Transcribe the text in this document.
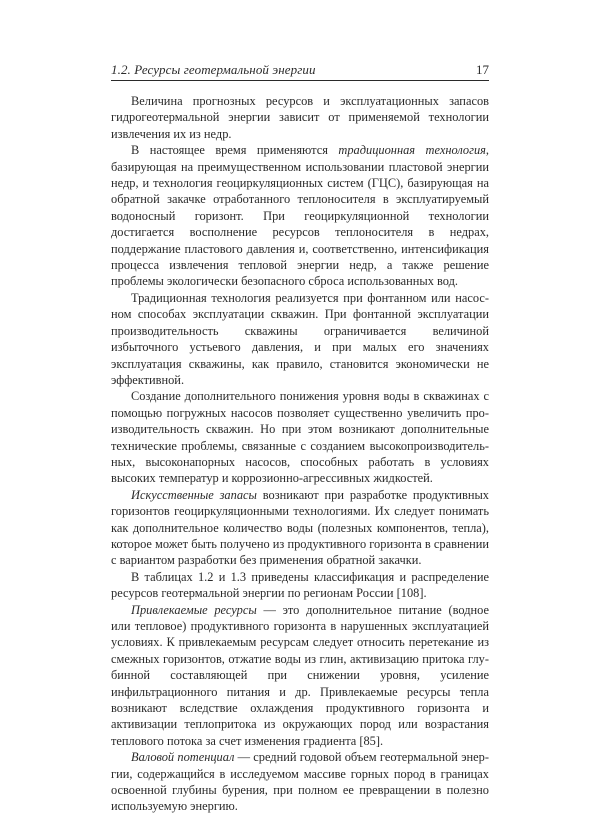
1.2. Ресурсы геотермальной энергии	17

Величина прогнозных ресурсов и эксплуатационных запасов гидрогеотермальной энергии зависит от применяемой технологии извлечения их из недр.

В настоящее время применяются традиционная технология, базирующая на преимущественном использовании пластовой энергии недр, и технология геоциркуляционных систем (ГЦС), базирующая на обратной закачке отработанного теплоносителя в эксплуатируемый водоносный горизонт. При геоциркуляционной технологии достигается восполнение ресурсов теплоносителя в недрах, поддержание пластового давления и, соответственно, интенсификация процесса извлечения тепловой энергии недр, а также решение проблемы экологически безопасного сброса использованных вод.

Традиционная технология реализуется при фонтанном или насосном способах эксплуатации скважин. При фонтанной эксплуатации производительность скважины ограничивается величиной избыточного устьевого давления, и при малых его значениях эксплуатация скважины, как правило, становится экономически не эффективной.

Создание дополнительного понижения уровня воды в скважинах с помощью погружных насосов позволяет существенно увеличить производительность скважин. Но при этом возникают дополнительные технические проблемы, связанные с созданием высокопроизводительных, высоконапорных насосов, способных работать в условиях высоких температур и коррозионно-агрессивных жидкостей.

Искусственные запасы возникают при разработке продуктивных горизонтов геоциркуляционными технологиями. Их следует понимать как дополнительное количество воды (полезных компонентов, тепла), которое может быть получено из продуктивного горизонта в сравнении с вариантом разработки без применения обратной закачки.

В таблицах 1.2 и 1.3 приведены классификация и распределение ресурсов геотермальной энергии по регионам России [108].

Привлекаемые ресурсы — это дополнительное питание (водное или тепловое) продуктивного горизонта в нарушенных эксплуатацией условиях. К привлекаемым ресурсам следует относить перетекание из смежных горизонтов, отжатие воды из глин, активизацию притока глубинной составляющей при снижении уровня, усиление инфильтрационного питания и др. Привлекаемые ресурсы тепла возникают вследствие охлаждения продуктивного горизонта и активизации теплопритока из окружающих пород или возрастания теплового потока за счет изменения градиента [85].

Валовой потенциал — средний годовой объем геотермальной энергии, содержащийся в исследуемом массиве горных пород в границах освоенной глубины бурения, при полном ее превращении в полезно используемую энергию.
